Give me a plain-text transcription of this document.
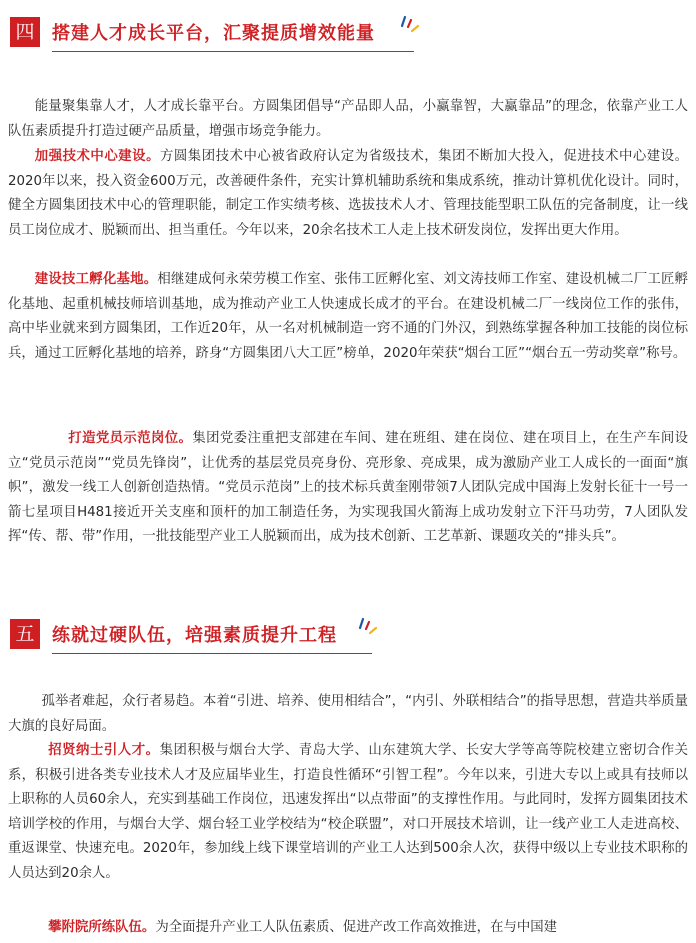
四 搭建人才成长平台，汇聚提质增效能量

能量聚集靠人才，人才成长靠平台。方圆集团倡导“产品即人品，小赢靠智，大赢靠品”的理念，依靠产业工人队伍素质提升打造过硬产品质量，增强市场竞争能力。

加强技术中心建设。方圆集团技术中心被省政府认定为省级技术，集团不断加大投入，促进技术中心建设。2020年以来，投入资金600万元，改善硬件条件，充实计算机辅助系统和集成系统，推动计算机优化设计。同时，健全方圆集团技术中心的管理职能，制定工作实绩考核、选拔技术人才、管理技能型职工队伍的完备制度，让一线员工岗位成才、脱颖而出、担当重任。今年以来，20余名技术工人走上技术研发岗位，发挥出更大作用。

建设技工孵化基地。相继建成何永荣劳模工作室、张伟工匠孵化室、刘文涛技师工作室、建设机械二厂工匠孵化基地、起重机械技师培训基地，成为推动产业工人快速成长成才的平台。在建设机械二厂一线岗位工作的张伟，高中毕业就来到方圆集团，工作近20年，从一名对机械制造一窍不通的门外汉，到熟练掌握各种加工技能的岗位标兵，通过工匠孵化基地的培养，跻身“方圆集团八大工匠”榜单，2020年荣获“烟台工匠”“烟台五一劳动奖章”称号。

打造党员示范岗位。集团党委注重把支部建在车间、建在班组、建在岗位、建在项目上，在生产车间设立“党员示范岗”“党员先锋岗”，让优秀的基层党员亮身份、亮形象、亮成果，成为激励产业工人成长的一面面“旗帜”，激发一线工人创新创造热情。“党员示范岗”上的技术标兵黄奎刚带领7人团队完成中国海上发射长征十一号一箭七星项目H481接近开关支座和顶杆的加工制造任务，为实现我国火箭海上成功发射立下汗马功劳，7人团队发挥“传、帮、带”作用，一批技能型产业工人脱颖而出，成为技术创新、工艺革新、课题攻关的“排头兵”。

五 练就过硬队伍，培强素质提升工程

孤举者难起，众行者易趋。本着“引进、培养、使用相结合”，“内引、外联相结合”的指导思想，营造共举质量大旗的良好局面。

招贤纳士引人才。集团积极与烟台大学、青岛大学、山东建筑大学、长安大学等高等院校建立密切合作关系，积极引进各类专业技术人才及应届毕业生，打造良性循环“引智工程”。今年以来，引进大专以上或具有技师以上职称的人员60余人，充实到基础工作岗位，迅速发挥出“以点带面”的支撑性作用。与此同时，发挥方圆集团技术培训学校的作用，与烟台大学、烟台轻工业学校结为“校企联盟”，对口开展技术培训，让一线产业工人走进高校、重返课堂、快速充电。2020年，参加线上线下课堂培训的产业工人达到500余人次，获得中级以上专业技术职称的人员达到20余人。

攀附院所练队伍。为全面提升产业工人队伍素质、促进产改工作高效推进，在与中国建
